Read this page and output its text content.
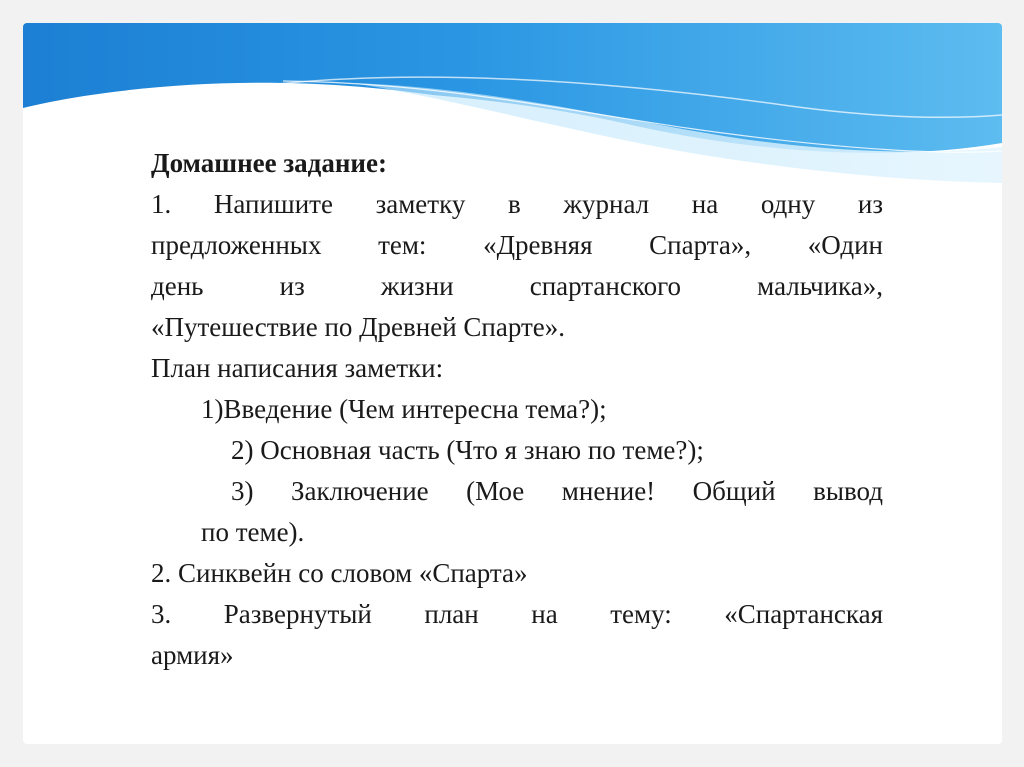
Домашнее задание:

1. Напишите заметку в журнал на одну из

предложенных тем: «Древняя Спарта», «Один

день из жизни спартанского мальчика»,

«Путешествие по Древней Спарте».

План написания заметки:

1)Введение (Чем интересна тема?);

2) Основная часть (Что я знаю по теме?);

3) Заключение (Мое мнение! Общий вывод

по теме).

2. Синквейн со словом «Спарта»

3. Развернутый план на тему: «Спартанская

армия»
